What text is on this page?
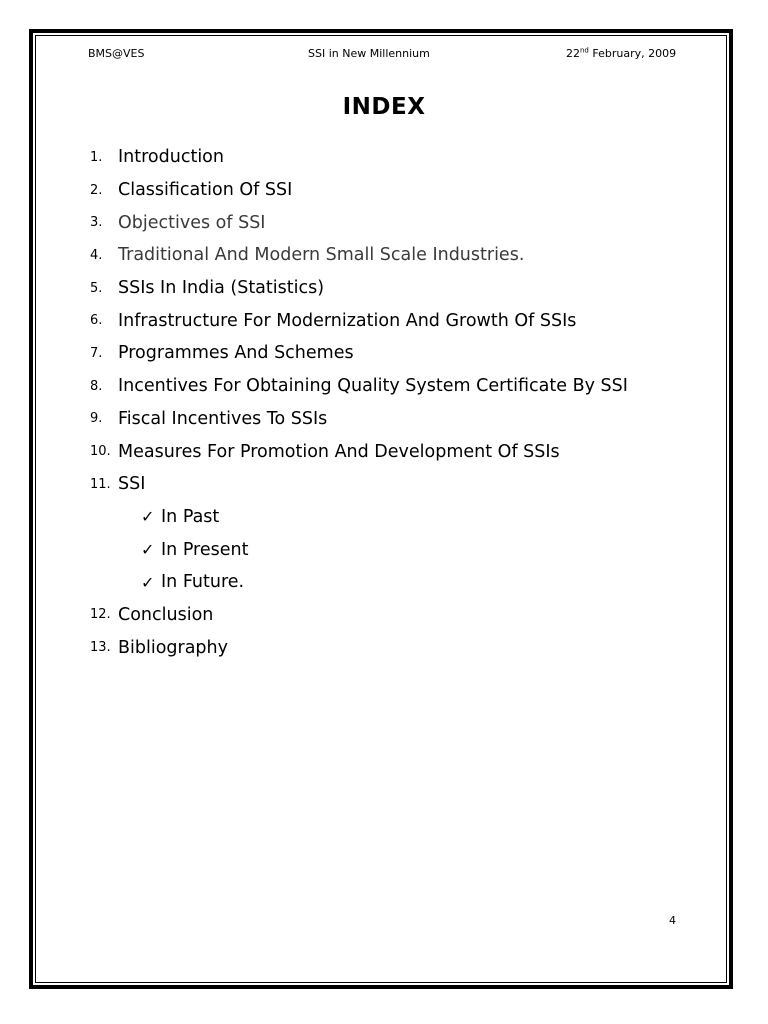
BMS@VES	SSI in New Millennium	22nd February, 2009
INDEX
1. Introduction
2. Classification Of SSI
3. Objectives of SSI
4. Traditional And Modern Small Scale Industries.
5. SSIs In India (Statistics)
6. Infrastructure For Modernization And Growth Of SSIs
7. Programmes And Schemes
8. Incentives For Obtaining Quality System Certificate By SSI
9. Fiscal Incentives To SSIs
10. Measures For Promotion And Development Of SSIs
11. SSI
✓ In Past
✓ In Present
✓ In Future.
12. Conclusion
13. Bibliography
4
